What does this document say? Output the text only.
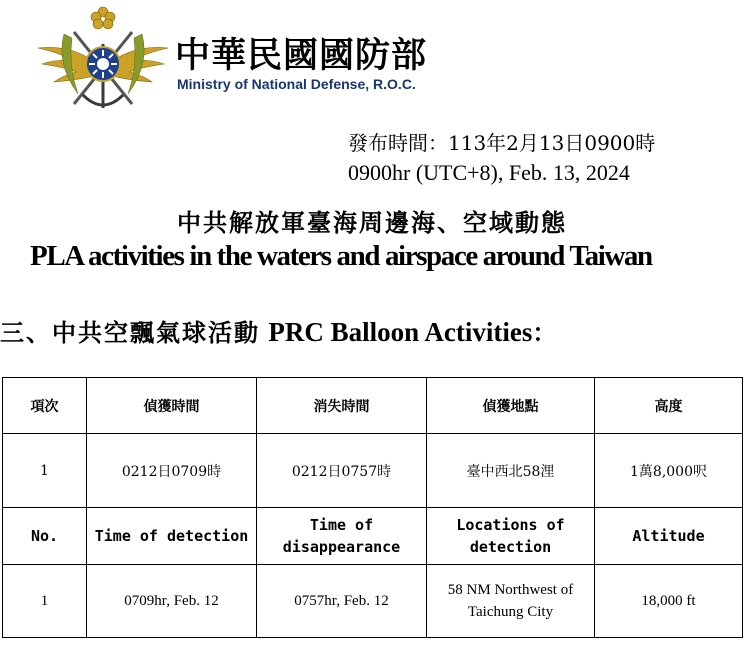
中華民國國防部
Ministry of National Defense, R.O.C.
發布時間：113年2月13日0900時
0900hr (UTC+8), Feb. 13, 2024
中共解放軍臺海周邊海、空域動態
PLA activities in the waters and airspace around Taiwan
三、中共空飄氣球活動 PRC Balloon Activities：
項次	偵獲時間	消失時間	偵獲地點	高度
1	0212日0709時	0212日0757時	臺中西北58浬	1萬8,000呎
No.	Time of detection	Time of disappearance	Locations of detection	Altitude
1	0709hr, Feb. 12	0757hr, Feb. 12	58 NM Northwest of Taichung City	18,000 ft
